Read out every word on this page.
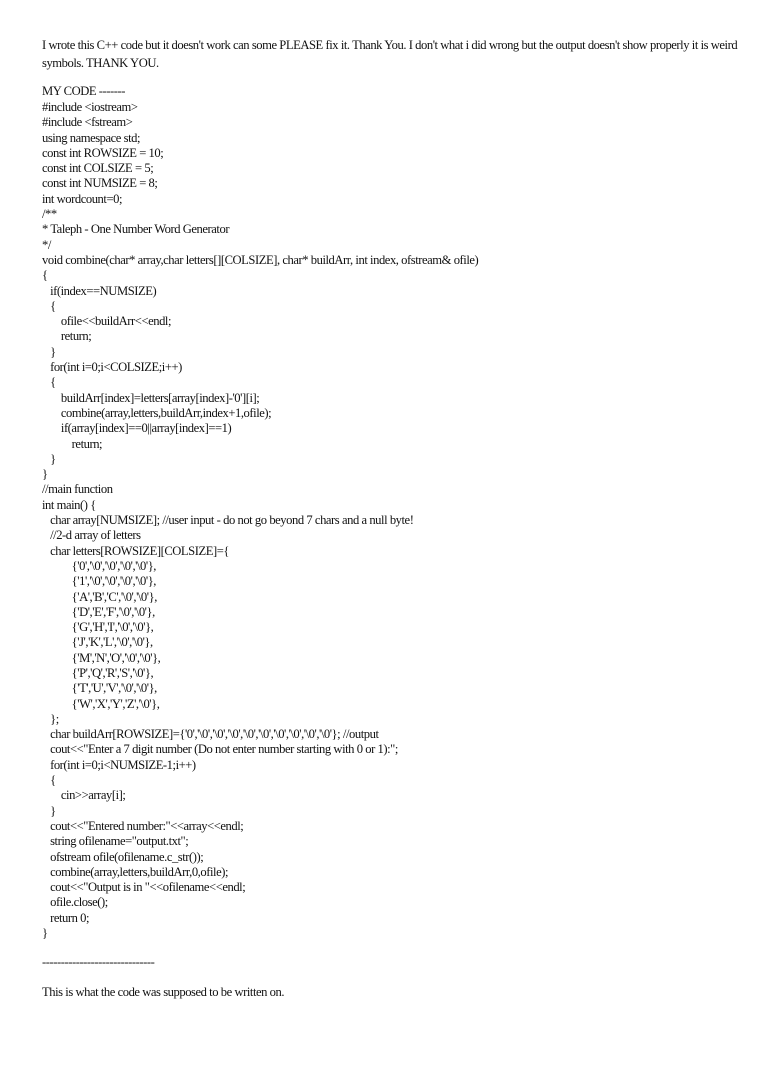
I wrote this C++ code but it doesn't work can some PLEASE fix it. Thank You. I don't what i did wrong but the output doesn't show properly it is weird symbols. THANK YOU.

MY CODE -------

#include <iostream>
#include <fstream>
using namespace std;
const int ROWSIZE = 10;
const int COLSIZE = 5;
const int NUMSIZE = 8;
int wordcount=0;
/**
* Taleph - One Number Word Generator
*/
void combine(char* array,char letters[][COLSIZE], char* buildArr, int index, ofstream& ofile)
{
if(index==NUMSIZE)
{
ofile<<buildArr<<endl;
return;
}
for(int i=0;i<COLSIZE;i++)
{
buildArr[index]=letters[array[index]-'0'][i];
combine(array,letters,buildArr,index+1,ofile);
if(array[index]==0||array[index]==1)
return;
}
}
//main function
int main() {
char array[NUMSIZE]; //user input - do not go beyond 7 chars and a null byte!
//2-d array of letters
char letters[ROWSIZE][COLSIZE]={
{'0','\0','\0','\0','\0'},
{'1','\0','\0','\0','\0'},
{'A','B','C','\0','\0'},
{'D','E','F','\0','\0'},
{'G','H','I','\0','\0'},
{'J','K','L','\0','\0'},
{'M','N','O','\0','\0'},
{'P','Q','R','S','\0'},
{'T','U','V','\0','\0'},
{'W','X','Y','Z','\0'},
};
char buildArr[ROWSIZE]={'0','\0','\0','\0','\0','\0','\0','\0','\0','\0'}; //output
cout<<"Enter a 7 digit number (Do not enter number starting with 0 or 1):";
for(int i=0;i<NUMSIZE-1;i++)
{
cin>>array[i];
}
cout<<"Entered number:"<<array<<endl;
string ofilename="output.txt";
ofstream ofile(ofilename.c_str());
combine(array,letters,buildArr,0,ofile);
cout<<"Output is in "<<ofilename<<endl;
ofile.close();
return 0;
}

------------------------------

This is what the code was supposed to be written on.
